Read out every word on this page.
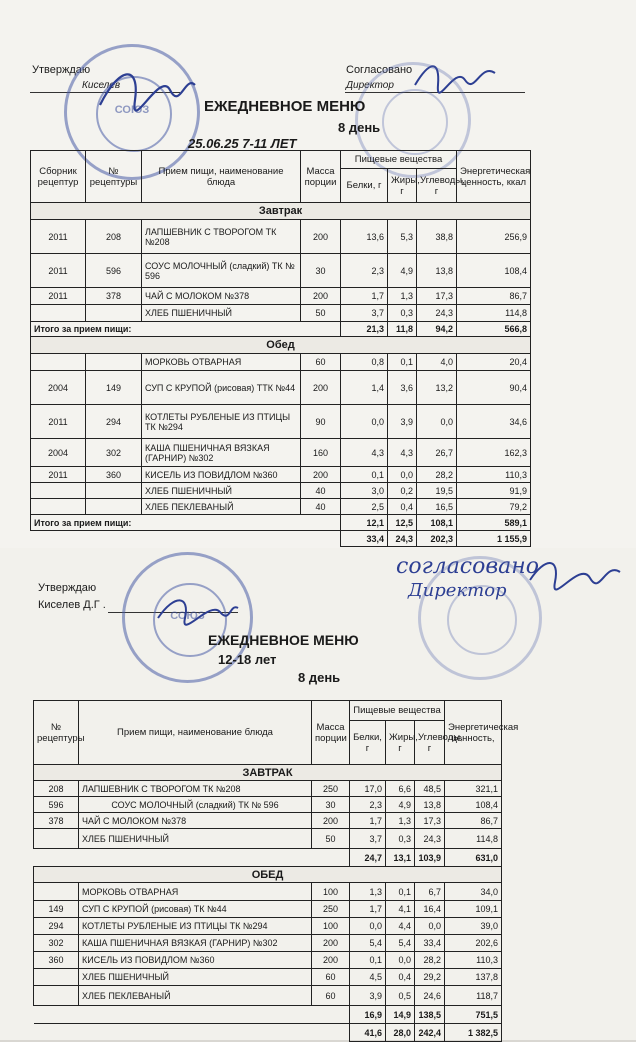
Утверждаю
Киселев
Согласовано
Директор
СОЮЗ	ЕЖЕДНЕВНОЕ МЕНЮ
8 день
25.06.25 7-11 ЛЕТ
Сборник рецептур	№ рецептуры	Прием пищи, наименование блюда	Масса порции	Пищевые вещества			Энергетическая ценность, ккал
				Белки, г	Жиры, г	Углеводы, г	
Завтрак							
2011	208	ЛАПШЕВНИК С ТВОРОГОМ ТК №208	200	13,6	5,3	38,8	256,9
2011	596	СОУС МОЛОЧНЫЙ (сладкий) ТК № 596	30	2,3	4,9	13,8	108,4
2011	378	ЧАЙ С МОЛОКОМ №378	200	1,7	1,3	17,3	86,7
		ХЛЕБ ПШЕНИЧНЫЙ	50	3,7	0,3	24,3	114,8
Итого за прием пищи:				21,3	11,8	94,2	566,8
Обед							
		МОРКОВЬ ОТВАРНАЯ	60	0,8	0,1	4,0	20,4
2004	149	СУП С КРУПОЙ (рисовая) ТТК №44	200	1,4	3,6	13,2	90,4
2011	294	КОТЛЕТЫ РУБЛЕНЫЕ ИЗ ПТИЦЫ ТК №294	90	0,0	3,9	0,0	34,6
2004	302	КАША ПШЕНИЧНАЯ ВЯЗКАЯ (ГАРНИР) №302	160	4,3	4,3	26,7	162,3
2011	360	КИСЕЛЬ ИЗ ПОВИДЛОМ №360	200	0,1	0,0	28,2	110,3
		ХЛЕБ ПШЕНИЧНЫЙ	40	3,0	0,2	19,5	91,9
		ХЛЕБ ПЕКЛЕВАНЫЙ	40	2,5	0,4	16,5	79,2
Итого за прием пищи:				12,1	12,5	108,1	589,1
				33,4	24,3	202,3	1 155,9
Утверждаю
Киселев Д.Г .
СОЮЗ
согласовано
Директор
ЕЖЕДНЕВНОЕ МЕНЮ
12-18 лет
8 день
№ рецептуры	Прием пищи, наименование блюда	Масса порции	Пищевые вещества			Энергетическая ценность,
			Белки, г	Жиры, г	Углеводы, г	
ЗАВТРАК						
208	ЛАПШЕВНИК С ТВОРОГОМ ТК №208	250	17,0	6,6	48,5	321,1
596	СОУС МОЛОЧНЫЙ (сладкий) ТК № 596	30	2,3	4,9	13,8	108,4
378	ЧАЙ С МОЛОКОМ №378	200	1,7	1,3	17,3	86,7
	ХЛЕБ ПШЕНИЧНЫЙ	50	3,7	0,3	24,3	114,8
			24,7	13,1	103,9	631,0
ОБЕД						
	МОРКОВЬ ОТВАРНАЯ	100	1,3	0,1	6,7	34,0
149	СУП С КРУПОЙ (рисовая) ТК №44	250	1,7	4,1	16,4	109,1
294	КОТЛЕТЫ РУБЛЕНЫЕ ИЗ ПТИЦЫ ТК №294	100	0,0	4,4	0,0	39,0
302	КАША ПШЕНИЧНАЯ ВЯЗКАЯ (ГАРНИР) №302	200	5,4	5,4	33,4	202,6
360	КИСЕЛЬ ИЗ ПОВИДЛОМ №360	200	0,1	0,0	28,2	110,3
	ХЛЕБ ПШЕНИЧНЫЙ	60	4,5	0,4	29,2	137,8
	ХЛЕБ ПЕКЛЕВАНЫЙ	60	3,9	0,5	24,6	118,7
			16,9	14,9	138,5	751,5
			41,6	28,0	242,4	1 382,5
